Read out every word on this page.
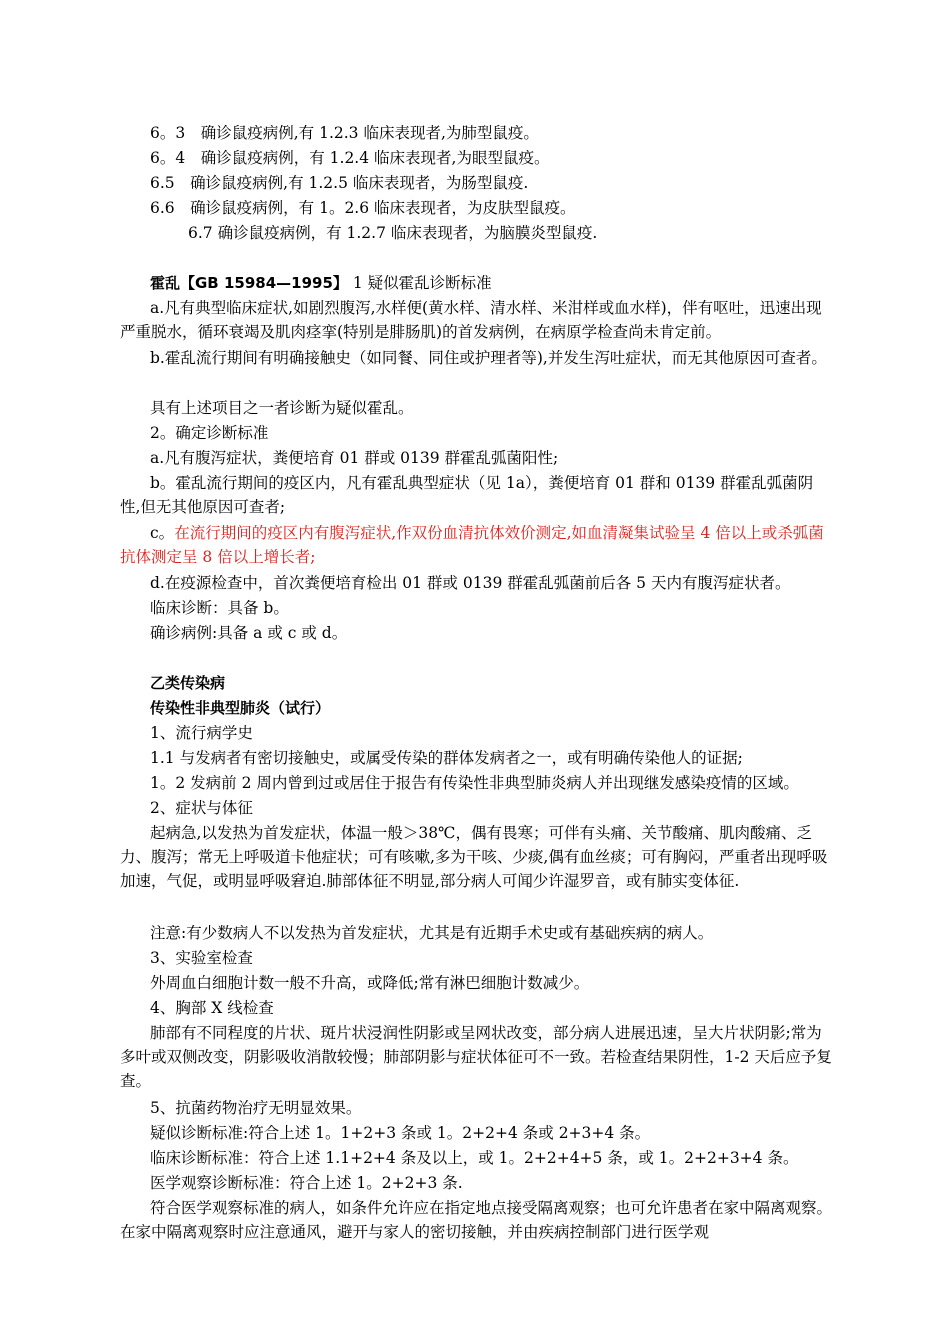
6。3　确诊鼠疫病例,有 1.2.3 临床表现者,为肺型鼠疫。
6。4　确诊鼠疫病例，有 1.2.4 临床表现者,为眼型鼠疫。
6.5　确诊鼠疫病例,有 1.2.5 临床表现者，为肠型鼠疫.
6.6　确诊鼠疫病例，有 1。2.6 临床表现者，为皮肤型鼠疫。
6.7 确诊鼠疫病例，有 1.2.7 临床表现者，为脑膜炎型鼠疫.
霍乱【GB 15984—1995】 1 疑似霍乱诊断标准
a.凡有典型临床症状,如剧烈腹泻,水样便(黄水样、清水样、米泔样或血水样)，伴有呕吐，迅速出现严重脱水，循环衰竭及肌肉痉挛(特别是腓肠肌)的首发病例，在病原学检查尚未肯定前。
b.霍乱流行期间有明确接触史（如同餐、同住或护理者等),并发生泻吐症状，而无其他原因可查者。
具有上述项目之一者诊断为疑似霍乱。
2。确定诊断标准
a.凡有腹泻症状，粪便培育 01 群或 0139 群霍乱弧菌阳性;
b。霍乱流行期间的疫区内，凡有霍乱典型症状（见 1a），粪便培育 01 群和 0139 群霍乱弧菌阴性,但无其他原因可查者;
c。在流行期间的疫区内有腹泻症状,作双份血清抗体效价测定,如血清凝集试验呈 4 倍以上或杀弧菌抗体测定呈 8 倍以上增长者;
d.在疫源检查中，首次粪便培育检出 01 群或 0139 群霍乱弧菌前后各 5 天内有腹泻症状者。
临床诊断：具备 b。
确诊病例:具备 a 或 c 或 d。
乙类传染病
传染性非典型肺炎（试行）
1、流行病学史
1.1 与发病者有密切接触史，或属受传染的群体发病者之一，或有明确传染他人的证据;
1。2 发病前 2 周内曾到过或居住于报告有传染性非典型肺炎病人并出现继发感染疫情的区域。
2、症状与体征
起病急,以发热为首发症状，体温一般＞38℃，偶有畏寒；可伴有头痛、关节酸痛、肌肉酸痛、乏力、腹泻；常无上呼吸道卡他症状；可有咳嗽,多为干咳、少痰,偶有血丝痰；可有胸闷，严重者出现呼吸加速，气促，或明显呼吸窘迫.肺部体征不明显,部分病人可闻少许湿罗音，或有肺实变体征.
注意:有少数病人不以发热为首发症状，尤其是有近期手术史或有基础疾病的病人。
3、实验室检查
外周血白细胞计数一般不升高，或降低;常有淋巴细胞计数减少。
4、胸部 X 线检查
肺部有不同程度的片状、斑片状浸润性阴影或呈网状改变，部分病人进展迅速，呈大片状阴影;常为多叶或双侧改变，阴影吸收消散较慢；肺部阴影与症状体征可不一致。若检查结果阴性，1-2 天后应予复查。
5、抗菌药物治疗无明显效果。
疑似诊断标准:符合上述 1。1+2+3 条或 1。2+2+4 条或 2+3+4 条。
临床诊断标准：符合上述 1.1+2+4 条及以上，或 1。2+2+4+5 条，或 1。2+2+3+4 条。
医学观察诊断标准：符合上述 1。2+2+3 条.
符合医学观察标准的病人，如条件允许应在指定地点接受隔离观察；也可允许患者在家中隔离观察。在家中隔离观察时应注意通风，避开与家人的密切接触，并由疾病控制部门进行医学观
